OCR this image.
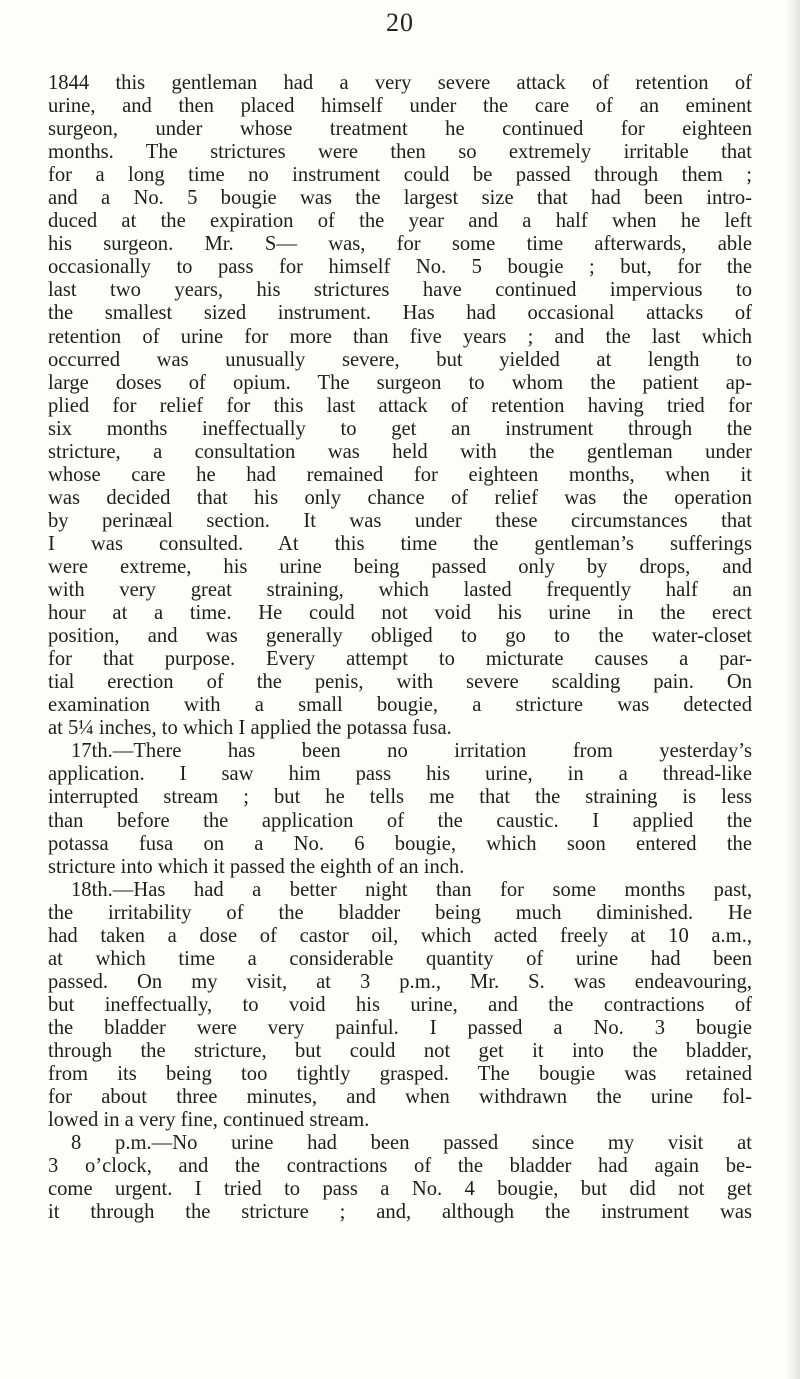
20
1844 this gentleman had a very severe attack of retention of
urine, and then placed himself under the care of an eminent
surgeon, under whose treatment he continued for eighteen
months. The strictures were then so extremely irritable that
for a long time no instrument could be passed through them ;
and a No. 5 bougie was the largest size that had been intro-
duced at the expiration of the year and a half when he left
his surgeon. Mr. S— was, for some time afterwards, able
occasionally to pass for himself No. 5 bougie ; but, for the
last two years, his strictures have continued impervious to
the smallest sized instrument. Has had occasional attacks of
retention of urine for more than five years ; and the last which
occurred was unusually severe, but yielded at length to
large doses of opium. The surgeon to whom the patient ap-
plied for relief for this last attack of retention having tried for
six months ineffectually to get an instrument through the
stricture, a consultation was held with the gentleman under
whose care he had remained for eighteen months, when it
was decided that his only chance of relief was the operation
by perinæal section. It was under these circumstances that
I was consulted. At this time the gentleman’s sufferings
were extreme, his urine being passed only by drops, and
with very great straining, which lasted frequently half an
hour at a time. He could not void his urine in the erect
position, and was generally obliged to go to the water-closet
for that purpose. Every attempt to micturate causes a par-
tial erection of the penis, with severe scalding pain. On
examination with a small bougie, a stricture was detected
at 5¼ inches, to which I applied the potassa fusa.
17th.—There has been no irritation from yesterday’s
application. I saw him pass his urine, in a thread-like
interrupted stream ; but he tells me that the straining is less
than before the application of the caustic. I applied the
potassa fusa on a No. 6 bougie, which soon entered the
stricture into which it passed the eighth of an inch.
18th.—Has had a better night than for some months past,
the irritability of the bladder being much diminished. He
had taken a dose of castor oil, which acted freely at 10 a.m.,
at which time a considerable quantity of urine had been
passed. On my visit, at 3 p.m., Mr. S. was endeavouring,
but ineffectually, to void his urine, and the contractions of
the bladder were very painful. I passed a No. 3 bougie
through the stricture, but could not get it into the bladder,
from its being too tightly grasped. The bougie was retained
for about three minutes, and when withdrawn the urine fol-
lowed in a very fine, continued stream.
8 p.m.—No urine had been passed since my visit at
3 o’clock, and the contractions of the bladder had again be-
come urgent. I tried to pass a No. 4 bougie, but did not get
it through the stricture ; and, although the instrument was
